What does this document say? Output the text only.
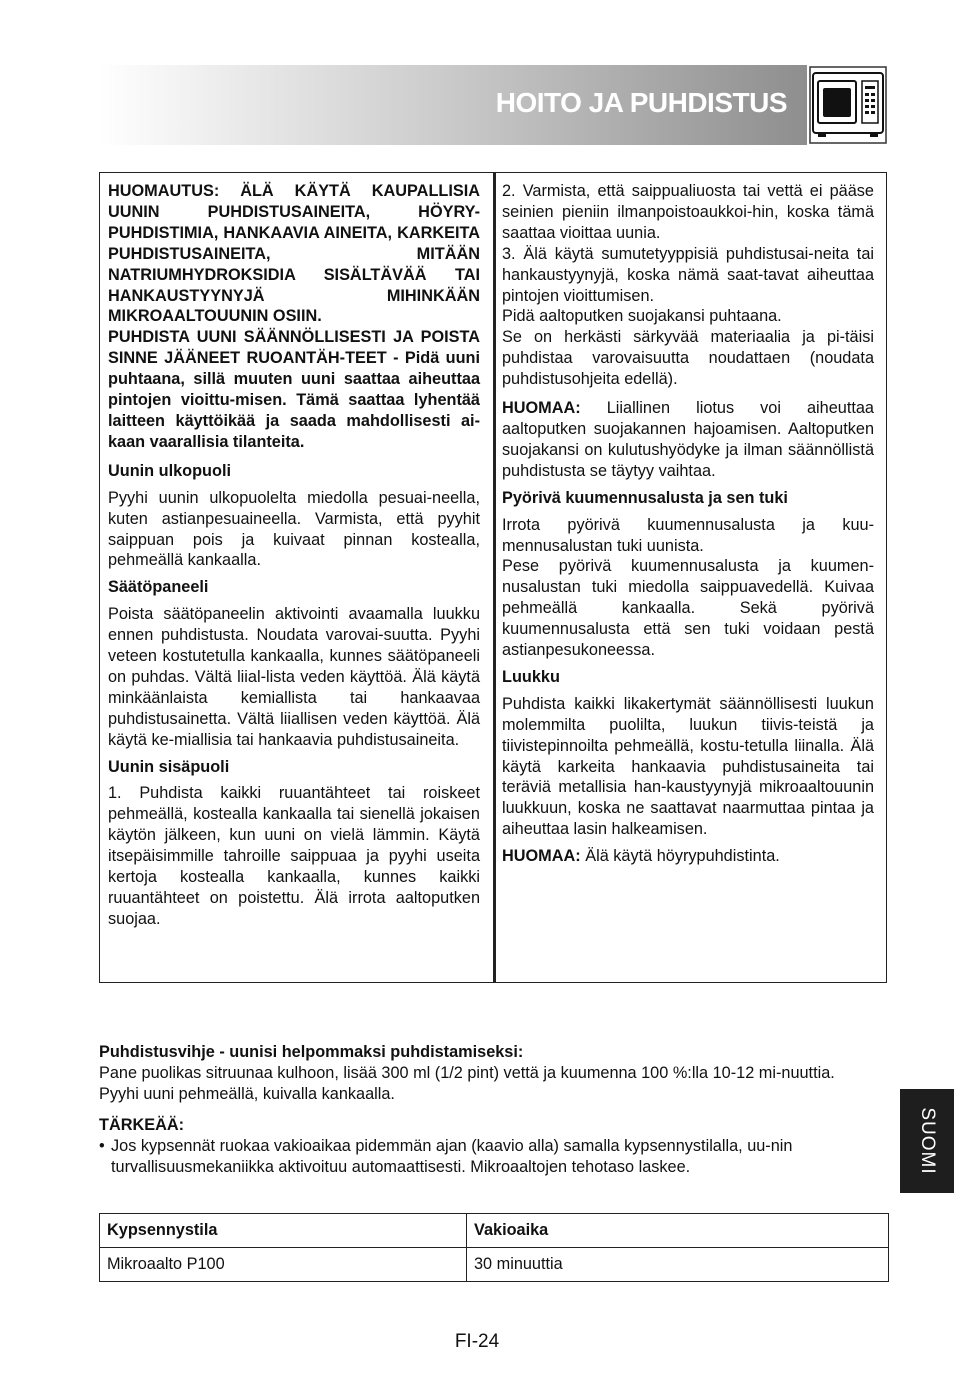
HOITO JA PUHDISTUS

HUOMAUTUS: ÄLÄ KÄYTÄ KAUPALLISIA UUNIN PUHDISTUSAINEITA, HÖYRY-PUHDISTIMIA, HANKAAVIA AINEITA, KARKEITA PUHDISTUSAINEITA, MITÄÄN NATRIUMHYDROKSIDIA SISÄLTÄVÄÄ TAI HANKAUSTYYNYJÄ MIHINKÄÄN MIKROAALTOUUNIN OSIIN.

PUHDISTA UUNI SÄÄNNÖLLISESTI JA POISTA SINNE JÄÄNEET RUOANTÄH-TEET - Pidä uuni puhtaana, sillä muuten uuni saattaa aiheuttaa pintojen vioittu-misen. Tämä saattaa lyhentää laitteen käyttöikää ja saada mahdollisesti ai-kaan vaarallisia tilanteita.

Uunin ulkopuoli

Pyyhi uunin ulkopuolelta miedolla pesuai-neella, kuten astianpesuaineella. Varmista, että pyyhit saippuan pois ja kuivaat pinnan kostealla, pehmeällä kankaalla.

Säätöpaneeli

Poista säätöpaneelin aktivointi avaamalla luukku ennen puhdistusta. Noudata varovai-suutta. Pyyhi veteen kostutetulla kankaalla, kunnes säätöpaneeli on puhdas. Vältä liial-lista veden käyttöä. Älä käytä minkäänlaista kemiallista tai hankaavaa puhdistusainetta. Vältä liiallisen veden käyttöä. Älä käytä ke-miallisia tai hankaavia puhdistusaineita.

Uunin sisäpuoli

1. Puhdista kaikki ruuantähteet tai roiskeet pehmeällä, kostealla kankaalla tai sienellä jokaisen käytön jälkeen, kun uuni on vielä lämmin. Käytä itsepäisimmille tahroille saippuaa ja pyyhi useita kertoja kostealla kankaalla, kunnes kaikki ruuantähteet on poistettu. Älä irrota aaltoputken suojaa.

2. Varmista, että saippualiuosta tai vettä ei pääse seinien pieniin ilmanpoistoaukkoi-hin, koska tämä saattaa vioittaa uunia.

3. Älä käytä sumutetyyppisiä puhdistusai-neita tai hankaustyynyjä, koska nämä saat-tavat aiheuttaa pintojen vioittumisen.

Pidä aaltoputken suojakansi puhtaana.

Se on herkästi särkyvää materiaalia ja pi-täisi puhdistaa varovaisuutta noudattaen (noudata puhdistusohjeita edellä).

HUOMAA: Liiallinen liotus voi aiheuttaa aaltoputken suojakannen hajoamisen. Aaltoputken suojakansi on kulutushyödyke ja ilman säännöllistä puhdistusta se täytyy vaihtaa.

Pyörivä kuumennusalusta ja sen tuki

Irrota pyörivä kuumennusalusta ja kuu-mennusalustan tuki uunista.

Pese pyörivä kuumennusalusta ja kuumen-nusalustan tuki miedolla saippuavedellä. Kuivaa pehmeällä kankaalla. Sekä pyörivä kuumennusalusta että sen tuki voidaan pestä astianpesukoneessa.

Luukku

Puhdista kaikki likakertymät säännöllisesti luukun molemmilta puolilta, luukun tiivis-teistä ja tiivistepinnoilta pehmeällä, kostu-tetulla liinalla. Älä käytä karkeita hankaavia puhdistusaineita tai teräviä metallisia han-kaustyynyjä mikroaaltouunin luukkuun, koska ne saattavat naarmuttaa pintaa ja aiheuttaa lasin halkeamisen.

HUOMAA: Älä käytä höyrypuhdistinta.

Puhdistusvihje - uunisi helpommaksi puhdistamiseksi:

Pane puolikas sitruunaa kulhoon, lisää 300 ml (1/2 pint) vettä ja kuumenna 100 %:lla 10-12 mi-nuuttia.

Pyyhi uuni pehmeällä, kuivalla kankaalla.

TÄRKEÄÄ:

• Jos kypsennät ruokaa vakioaikaa pidemmän ajan (kaavio alla) samalla kypsennystilalla, uu-nin turvallisuusmekaniikka aktivoituu automaattisesti. Mikroaaltojen tehotaso laskee.

Kypsennystila	Vakioaika
Mikroaalto P100	30 minuuttia
SUOMI
FI-24
